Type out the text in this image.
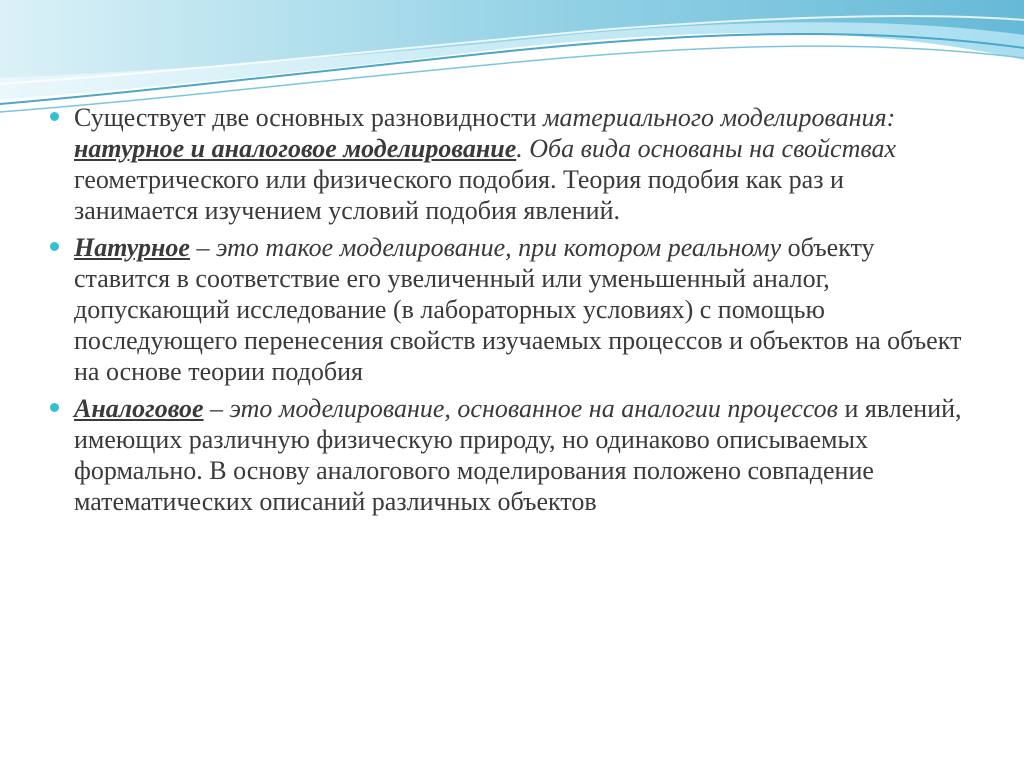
Существует две основных разновидности материального моделирования: натурное и аналоговое моделирование. Оба вида основаны на свойствах геометрического или физического подобия. Теория подобия как раз и занимается изучением условий подобия явлений.
Натурное – это такое моделирование, при котором реальному объекту ставится в соответствие его увеличенный или уменьшенный аналог, допускающий исследование (в лабораторных условиях) с помощью последующего перенесения свойств изучаемых процессов и объектов на объект на основе теории подобия
Аналоговое – это моделирование, основанное на аналогии процессов и явлений, имеющих различную физическую природу, но одинаково описываемых формально. В основу аналогового моделирования положено совпадение математических описаний различных объектов
